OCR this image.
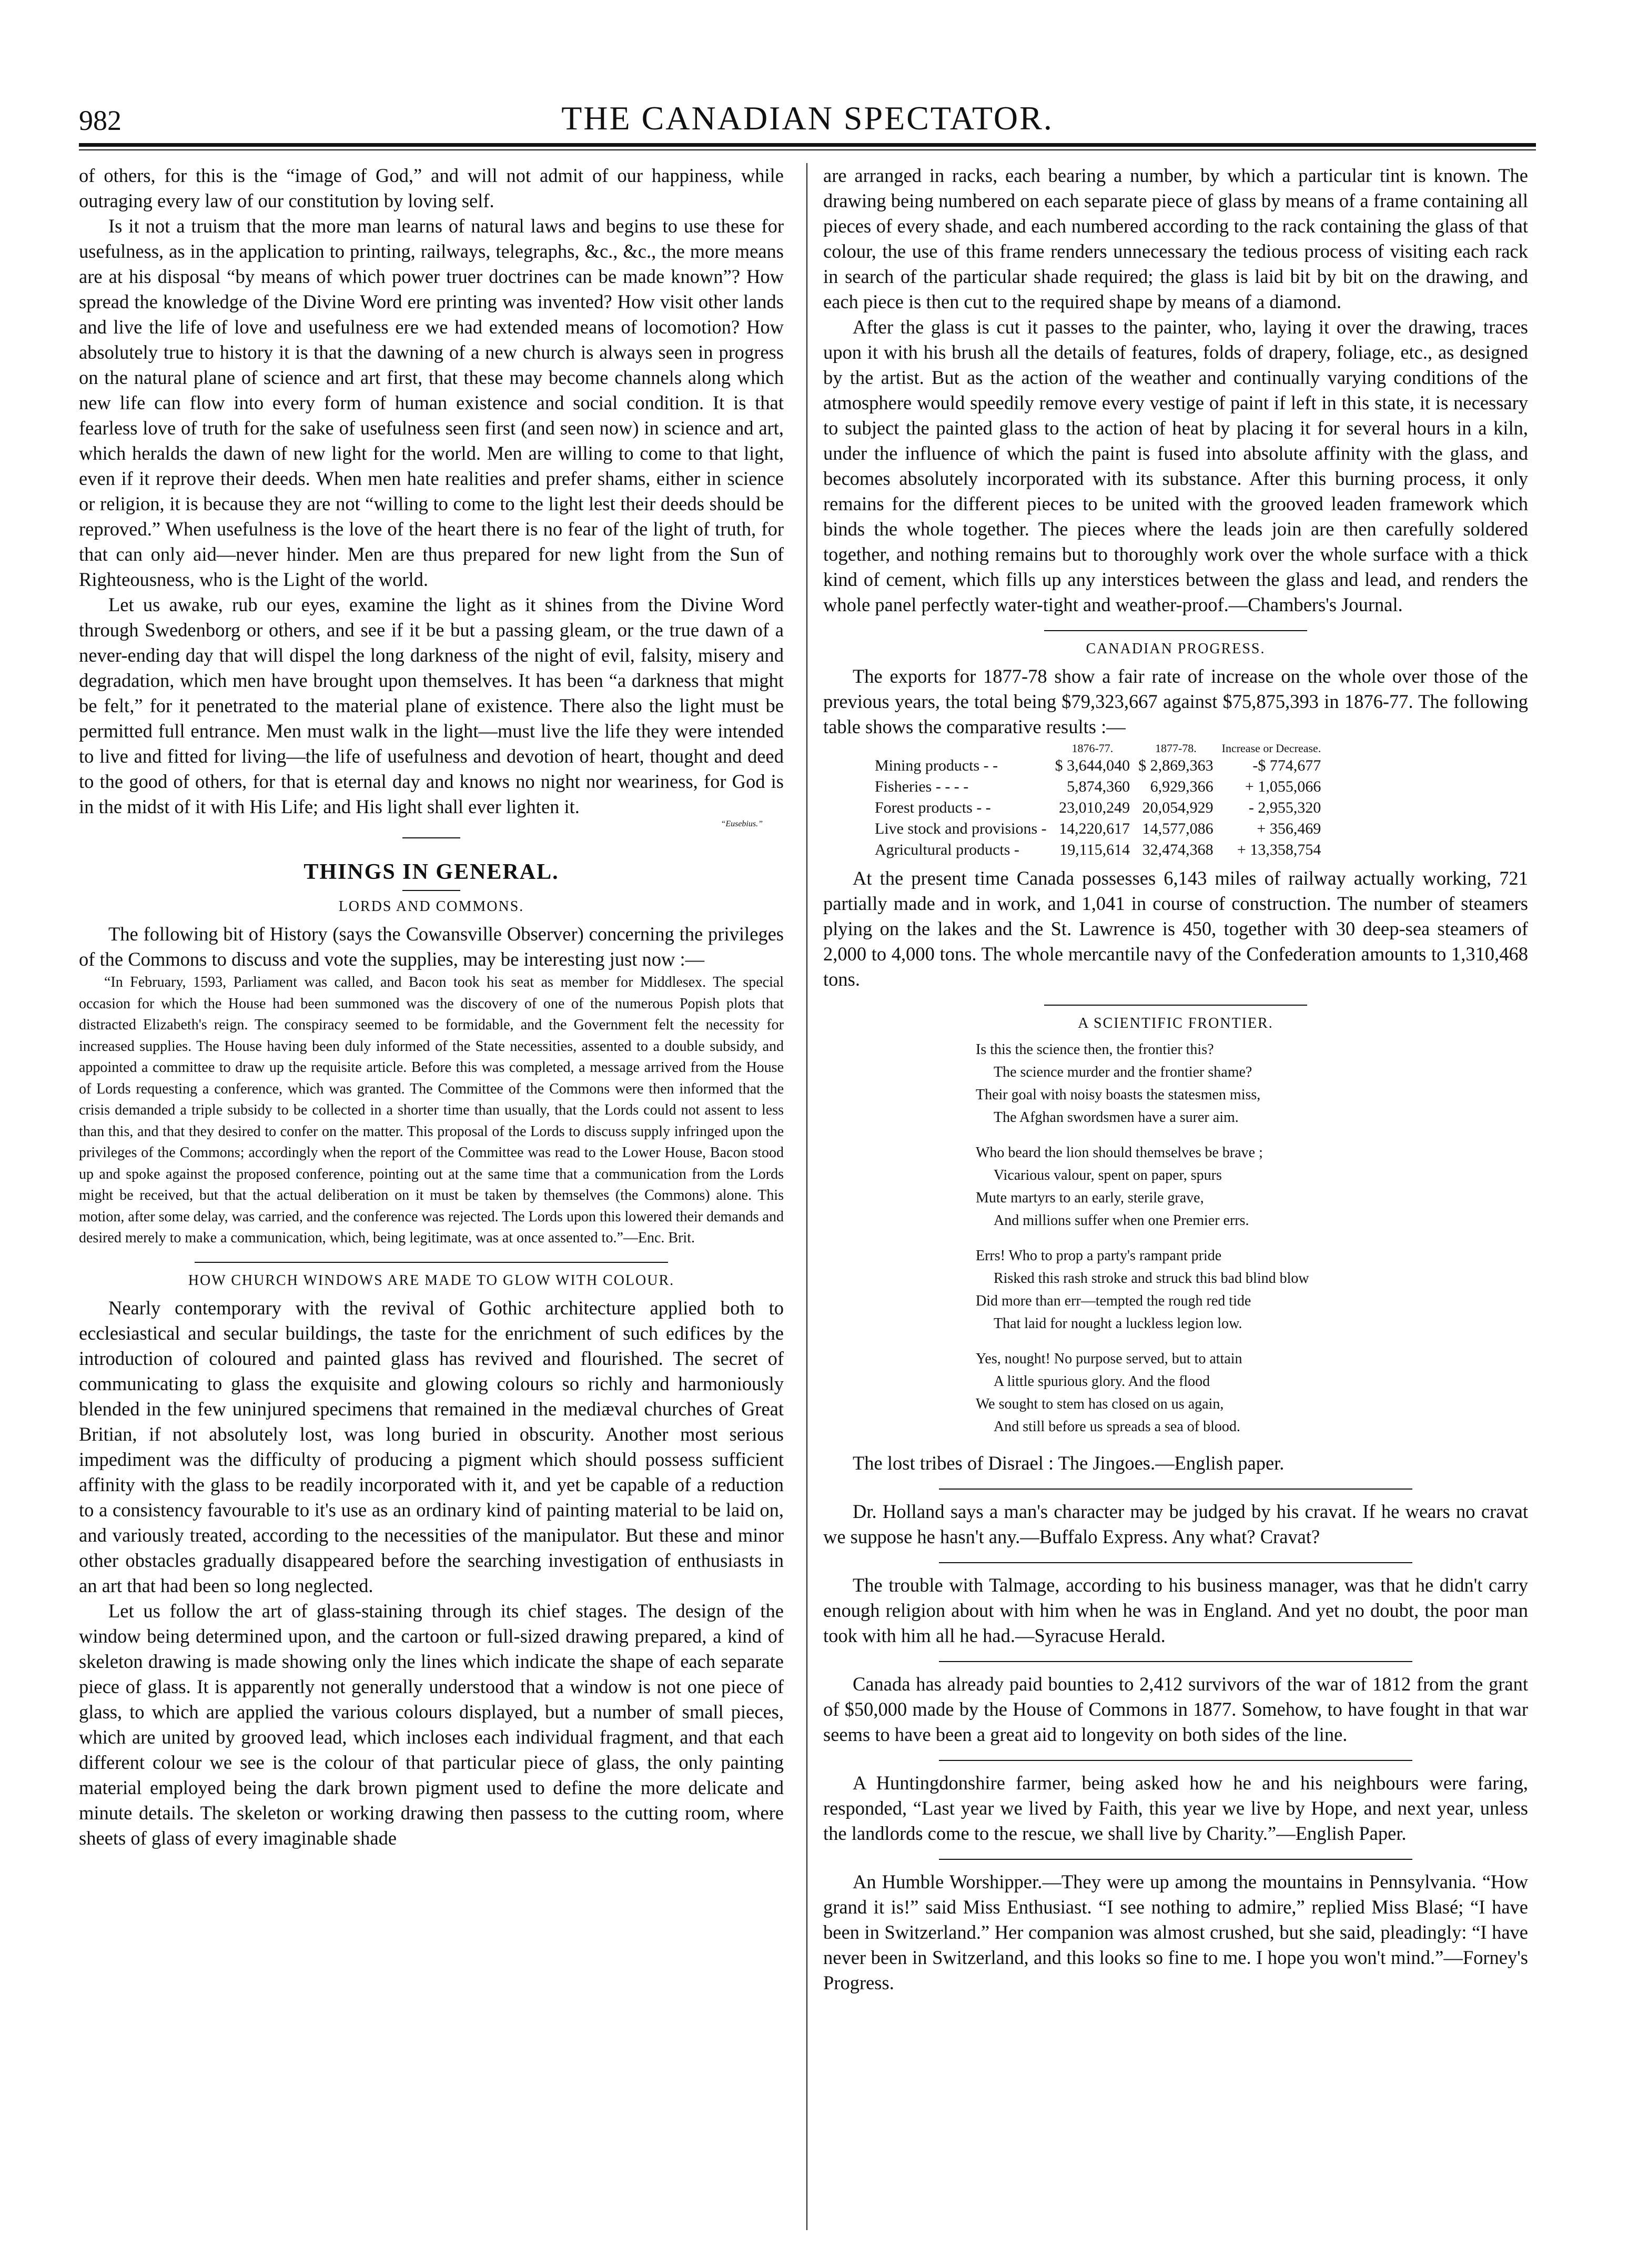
982	THE CANADIAN SPECTATOR.

of others, for this is the “image of God,” and will not admit of our happiness, while outraging every law of our constitution by loving self.

Is it not a truism that the more man learns of natural laws and begins to use these for usefulness, as in the application to printing, railways, telegraphs, &c., &c., the more means are at his disposal “by means of which power truer doctrines can be made known”? How spread the knowledge of the Divine Word ere printing was invented? How visit other lands and live the life of love and usefulness ere we had extended means of locomotion? How absolutely true to history it is that the dawning of a new church is always seen in progress on the natural plane of science and art first, that these may become channels along which new life can flow into every form of human existence and social condition. It is that fearless love of truth for the sake of usefulness seen first (and seen now) in science and art, which heralds the dawn of new light for the world. Men are willing to come to that light, even if it reprove their deeds. When men hate realities and prefer shams, either in science or religion, it is because they are not “willing to come to the light lest their deeds should be reproved.” When usefulness is the love of the heart there is no fear of the light of truth, for that can only aid—never hinder. Men are thus prepared for new light from the Sun of Righteousness, who is the Light of the world.

Let us awake, rub our eyes, examine the light as it shines from the Divine Word through Swedenborg or others, and see if it be but a passing gleam, or the true dawn of a never-ending day that will dispel the long darkness of the night of evil, falsity, misery and degradation, which men have brought upon themselves. It has been “a darkness that might be felt,” for it penetrated to the material plane of existence. There also the light must be permitted full entrance. Men must walk in the light—must live the life they were intended to live and fitted for living—the life of usefulness and devotion of heart, thought and deed to the good of others, for that is eternal day and knows no night nor weariness, for God is in the midst of it with His Life; and His light shall ever lighten it.

“Eusebius.”
THINGS IN GENERAL.
LORDS AND COMMONS.

The following bit of History (says the Cowansville Observer) concerning the privileges of the Commons to discuss and vote the supplies, may be interesting just now :—

“In February, 1593, Parliament was called, and Bacon took his seat as member for Middlesex. The special occasion for which the House had been summoned was the discovery of one of the numerous Popish plots that distracted Elizabeth's reign. The conspiracy seemed to be formidable, and the Government felt the necessity for increased supplies. The House having been duly informed of the State necessities, assented to a double subsidy, and appointed a committee to draw up the requisite article. Before this was completed, a message arrived from the House of Lords requesting a conference, which was granted. The Committee of the Commons were then informed that the crisis demanded a triple subsidy to be collected in a shorter time than usually, that the Lords could not assent to less than this, and that they desired to confer on the matter. This proposal of the Lords to discuss supply infringed upon the privileges of the Commons; accordingly when the report of the Committee was read to the Lower House, Bacon stood up and spoke against the proposed conference, pointing out at the same time that a communication from the Lords might be received, but that the actual deliberation on it must be taken by themselves (the Commons) alone. This motion, after some delay, was carried, and the conference was rejected. The Lords upon this lowered their demands and desired merely to make a communication, which, being legitimate, was at once assented to.”—Enc. Brit.

HOW CHURCH WINDOWS ARE MADE TO GLOW WITH COLOUR.

Nearly contemporary with the revival of Gothic architecture applied both to ecclesiastical and secular buildings, the taste for the enrichment of such edifices by the introduction of coloured and painted glass has revived and flourished. The secret of communicating to glass the exquisite and glowing colours so richly and harmoniously blended in the few uninjured specimens that remained in the mediæval churches of Great Britian, if not absolutely lost, was long buried in obscurity. Another most serious impediment was the difficulty of producing a pigment which should possess sufficient affinity with the glass to be readily incorporated with it, and yet be capable of a reduction to a consistency favourable to it's use as an ordinary kind of painting material to be laid on, and variously treated, according to the necessities of the manipulator. But these and minor other obstacles gradually disappeared before the searching investigation of enthusiasts in an art that had been so long neglected.

Let us follow the art of glass-staining through its chief stages. The design of the window being determined upon, and the cartoon or full-sized drawing prepared, a kind of skeleton drawing is made showing only the lines which indicate the shape of each separate piece of glass. It is apparently not generally understood that a window is not one piece of glass, to which are applied the various colours displayed, but a number of small pieces, which are united by grooved lead, which incloses each individual fragment, and that each different colour we see is the colour of that particular piece of glass, the only painting material employed being the dark brown pigment used to define the more delicate and minute details. The skeleton or working drawing then passess to the cutting room, where sheets of glass of every imaginable shade

are arranged in racks, each bearing a number, by which a particular tint is known. The drawing being numbered on each separate piece of glass by means of a frame containing all pieces of every shade, and each numbered according to the rack containing the glass of that colour, the use of this frame renders unnecessary the tedious process of visiting each rack in search of the particular shade required; the glass is laid bit by bit on the drawing, and each piece is then cut to the required shape by means of a diamond.

After the glass is cut it passes to the painter, who, laying it over the drawing, traces upon it with his brush all the details of features, folds of drapery, foliage, etc., as designed by the artist. But as the action of the weather and continually varying conditions of the atmosphere would speedily remove every vestige of paint if left in this state, it is necessary to subject the painted glass to the action of heat by placing it for several hours in a kiln, under the influence of which the paint is fused into absolute affinity with the glass, and becomes absolutely incorporated with its substance. After this burning process, it only remains for the different pieces to be united with the grooved leaden framework which binds the whole together. The pieces where the leads join are then carefully soldered together, and nothing remains but to thoroughly work over the whole surface with a thick kind of cement, which fills up any interstices between the glass and lead, and renders the whole panel perfectly water-tight and weather-proof.—Chambers's Journal.

CANADIAN PROGRESS.

The exports for 1877-78 show a fair rate of increase on the whole over those of the previous years, the total being $79,323,667 against $75,875,393 in 1876-77. The following table shows the comparative results :—

	1876-77.	1877-78.	Increase or Decrease.
Mining products - -	$ 3,644,040	$ 2,869,363	-$ 774,677
Fisheries - - - -	5,874,360	6,929,366	+ 1,055,066
Forest products - -	23,010,249	20,054,929	- 2,955,320
Live stock and provisions -	14,220,617	14,577,086	+ 356,469
Agricultural products -	19,115,614	32,474,368	+ 13,358,754

At the present time Canada possesses 6,143 miles of railway actually working, 721 partially made and in work, and 1,041 in course of construction. The number of steamers plying on the lakes and the St. Lawrence is 450, together with 30 deep-sea steamers of 2,000 to 4,000 tons. The whole mercantile navy of the Confederation amounts to 1,310,468 tons.

A SCIENTIFIC FRONTIER.
Is this the science then, the frontier this?
The science murder and the frontier shame?
Their goal with noisy boasts the statesmen miss,
The Afghan swordsmen have a surer aim.
Who beard the lion should themselves be brave ;
Vicarious valour, spent on paper, spurs
Mute martyrs to an early, sterile grave,
And millions suffer when one Premier errs.
Errs! Who to prop a party's rampant pride
Risked this rash stroke and struck this bad blind blow
Did more than err—tempted the rough red tide
That laid for nought a luckless legion low.
Yes, nought! No purpose served, but to attain
A little spurious glory. And the flood
We sought to stem has closed on us again,
And still before us spreads a sea of blood.

The lost tribes of Disrael : The Jingoes.—English paper.

Dr. Holland says a man's character may be judged by his cravat. If he wears no cravat we suppose he hasn't any.—Buffalo Express. Any what? Cravat?

The trouble with Talmage, according to his business manager, was that he didn't carry enough religion about with him when he was in England. And yet no doubt, the poor man took with him all he had.—Syracuse Herald.

Canada has already paid bounties to 2,412 survivors of the war of 1812 from the grant of $50,000 made by the House of Commons in 1877. Somehow, to have fought in that war seems to have been a great aid to longevity on both sides of the line.

A Huntingdonshire farmer, being asked how he and his neighbours were faring, responded, “Last year we lived by Faith, this year we live by Hope, and next year, unless the landlords come to the rescue, we shall live by Charity.”—English Paper.

An Humble Worshipper.—They were up among the mountains in Pennsylvania. “How grand it is!” said Miss Enthusiast. “I see nothing to admire,” replied Miss Blasé; “I have been in Switzerland.” Her companion was almost crushed, but she said, pleadingly: “I have never been in Switzerland, and this looks so fine to me. I hope you won't mind.”—Forney's Progress.
